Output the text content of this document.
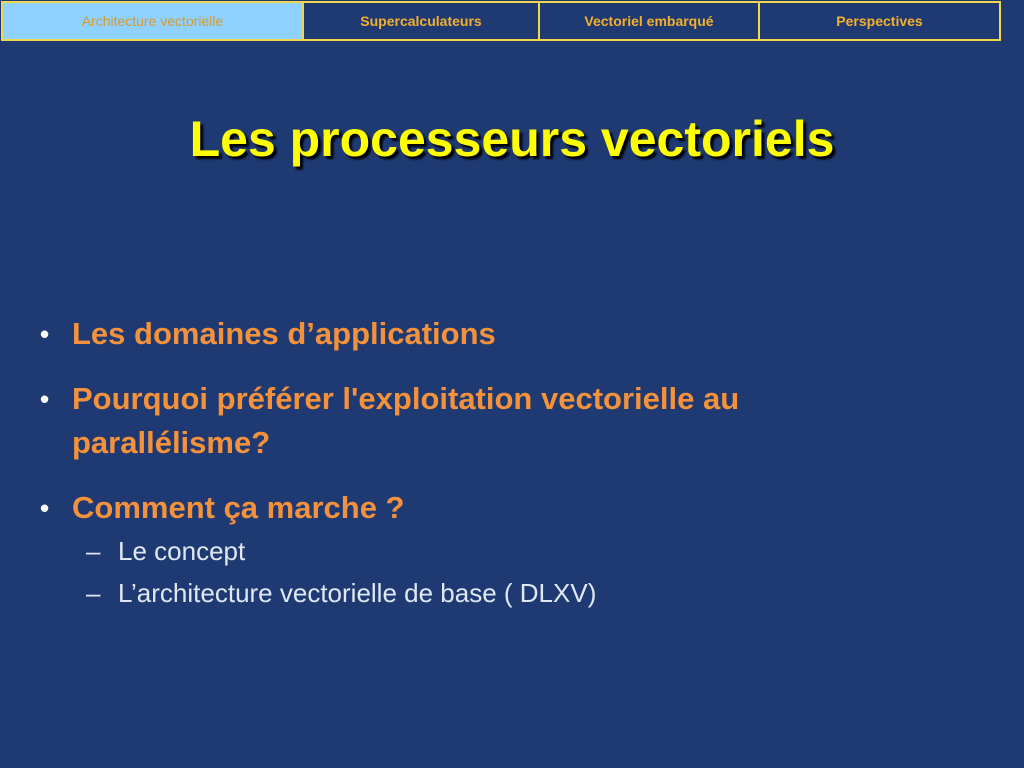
Architecture vectorielle	Supercalculateurs	Vectoriel embarqué	Perspectives
Les processeurs vectoriels
• Les domaines d’applications
• Pourquoi préférer l'exploitation vectorielle au parallélisme?
• Comment ça marche ?
– Le concept
– L’architecture vectorielle de base ( DLXV)
